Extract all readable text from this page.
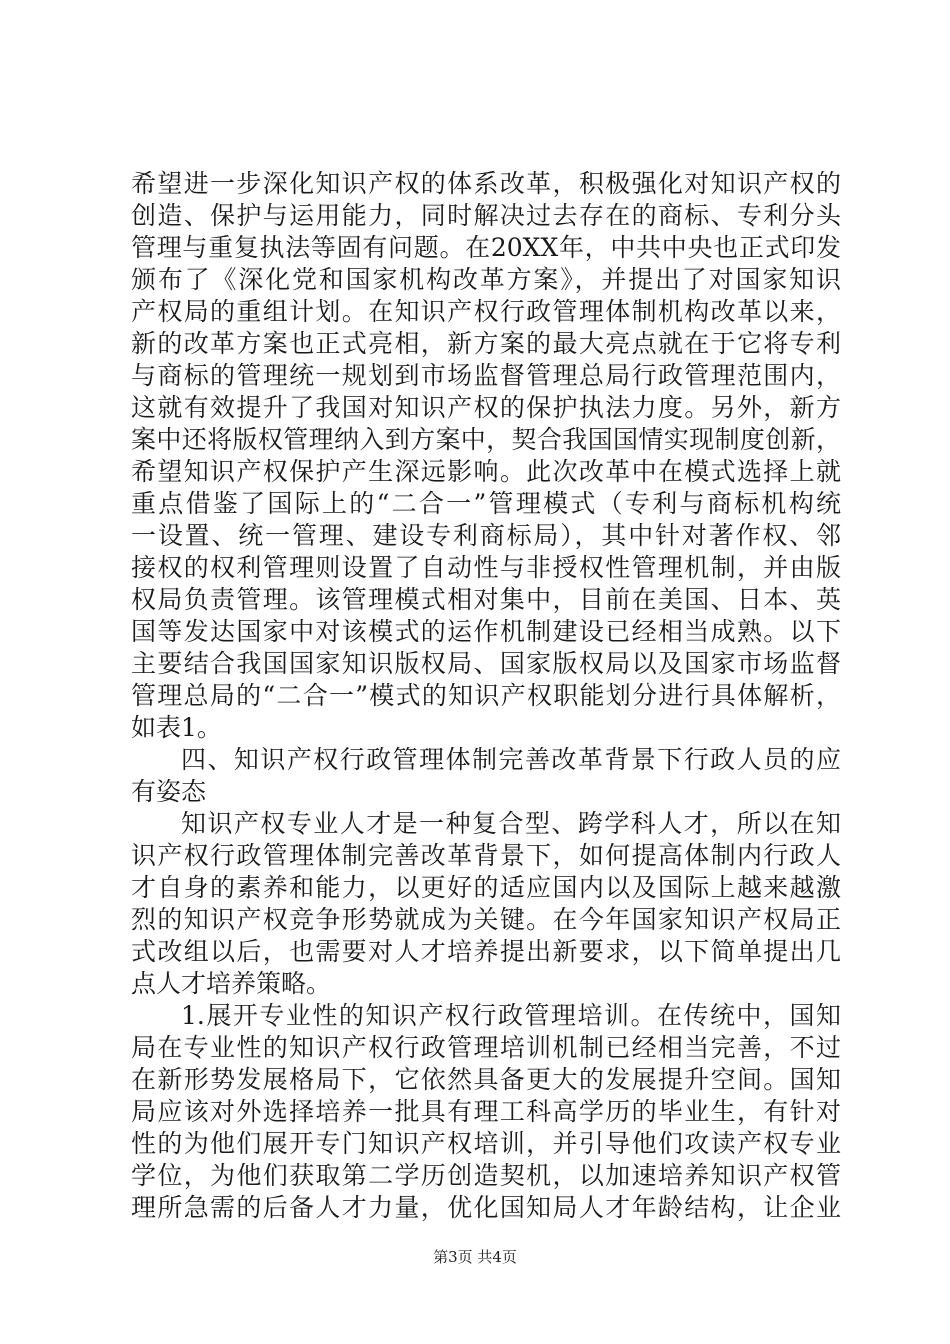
希望进一步深化知识产权的体系改革，积极强化对知识产权的
创造、保护与运用能力，同时解决过去存在的商标、专利分头
管理与重复执法等固有问题。在20XX年，中共中央也正式印发
颁布了《深化党和国家机构改革方案》，并提出了对国家知识
产权局的重组计划。在知识产权行政管理体制机构改革以来，
新的改革方案也正式亮相，新方案的最大亮点就在于它将专利
与商标的管理统一规划到市场监督管理总局行政管理范围内，
这就有效提升了我国对知识产权的保护执法力度。另外，新方
案中还将版权管理纳入到方案中，契合我国国情实现制度创新，
希望知识产权保护产生深远影响。此次改革中在模式选择上就
重点借鉴了国际上的“二合一”管理模式（专利与商标机构统
一设置、统一管理、建设专利商标局），其中针对著作权、邻
接权的权利管理则设置了自动性与非授权性管理机制，并由版
权局负责管理。该管理模式相对集中，目前在美国、日本、英
国等发达国家中对该模式的运作机制建设已经相当成熟。以下
主要结合我国国家知识版权局、国家版权局以及国家市场监督
管理总局的“二合一”模式的知识产权职能划分进行具体解析，
如表1。
四、知识产权行政管理体制完善改革背景下行政人员的应
有姿态
知识产权专业人才是一种复合型、跨学科人才，所以在知
识产权行政管理体制完善改革背景下，如何提高体制内行政人
才自身的素养和能力，以更好的适应国内以及国际上越来越激
烈的知识产权竞争形势就成为关键。在今年国家知识产权局正
式改组以后，也需要对人才培养提出新要求，以下简单提出几
点人才培养策略。
1.展开专业性的知识产权行政管理培训。在传统中，国知
局在专业性的知识产权行政管理培训机制已经相当完善，不过
在新形势发展格局下，它依然具备更大的发展提升空间。国知
局应该对外选择培养一批具有理工科高学历的毕业生，有针对
性的为他们展开专门知识产权培训，并引导他们攻读产权专业
学位，为他们获取第二学历创造契机，以加速培养知识产权管
理所急需的后备人才力量，优化国知局人才年龄结构，让企业
第3页 共4页
